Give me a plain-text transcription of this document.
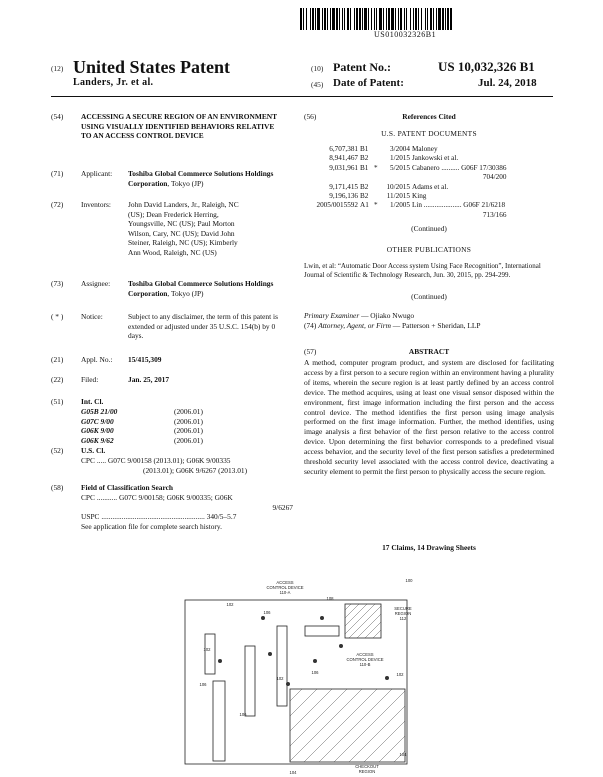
US010032326B1
(12) United States Patent
Landers, Jr. et al.
(10) Patent No.:	US 10,032,326 B1
(45) Date of Patent:	Jul. 24, 2018
(54) ACCESSING A SECURE REGION OF AN ENVIRONMENT USING VISUALLY IDENTIFIED BEHAVIORS RELATIVE TO AN ACCESS CONTROL DEVICE
(71) Applicant: Toshiba Global Commerce Solutions Holdings Corporation, Tokyo (JP)
(72) Inventors: John David Landers, Jr., Raleigh, NC
(US); Dean Frederick Herring,
Youngsville, NC (US); Paul Morton
Wilson, Cary, NC (US); David John
Steiner, Raleigh, NC (US); Kimberly
Ann Wood, Raleigh, NC (US)
(73) Assignee: Toshiba Global Commerce Solutions Holdings Corporation, Tokyo (JP)
( * ) Notice:	Subject to any disclaimer, the term of this patent is extended or adjusted under 35 U.S.C. 154(b) by 0 days.
(21) Appl. No.: 15/415,309
(22) Filed:	Jan. 25, 2017
(51) Int. Cl.
G05B 21/00	(2006.01)
G07C 9/00	(2006.01)
G06K 9/00	(2006.01)
G06K 9/62	(2006.01)
(52) U.S. Cl.
CPC ..... G07C 9/00158 (2013.01); G06K 9/00335
(2013.01); G06K 9/6267 (2013.01)
(58) Field of Classification Search
CPC ........... G07C 9/00158; G06K 9/00335; G06K
9/6267
USPC ........................................................ 340/5–5.7
See application file for complete search history.
(56)	References Cited
U.S. PATENT DOCUMENTS
6,707,381	B1		3/2004	Maloney
8,941,467	B2		1/2015	Jankowski et al.
9,031,961	B1	*	5/2015	Cabanero .......... G06F 17/30386
				704/200
9,171,415	B2		10/2015	Adams et al.
9,196,136	B2		11/2015	King
2005/0015592	A1	*	1/2005	Lin ..................... G06F 21/6218
				713/166
(Continued)
OTHER PUBLICATIONS
Lwin, et al: “Automatic Door Access system Using Face Recognition”, International Journal of Scientific & Technology Research, Jun. 30, 2015, pp. 294-299.
(Continued)
Primary Examiner — Ojiako Nwugo
(74) Attorney, Agent, or Firm — Patterson + Sheridan, LLP
(57)	ABSTRACT
A method, computer program product, and system are disclosed for facilitating access by a first person to a secure region within an environment having a plurality of items, wherein the secure region is at least partly defined by an access control device. The method acquires, using at least one visual sensor disposed within the environment, first image information including the first person and the access control device. The method identifies the first person using image analysis performed on the first image information. Further, the method identifies, using image analysis a first behavior of the first person relative to the access control device. Upon determining the first behavior corresponds to a predefined visual access behavior, and the security level of the first person satisfies a predetermined threshold security level associated with the access control device, deactivating a security element to permit the first person to physically access the secure region.
17 Claims, 14 Drawing Sheets
ACCESS
CONTROL DEVICE
110-A
SECURE
REGION
112
ACCESS
CONTROL DEVICE
110-B
CHECKOUT
REGION
100
102
102
102
102
108
106
106
106
106
104
104
